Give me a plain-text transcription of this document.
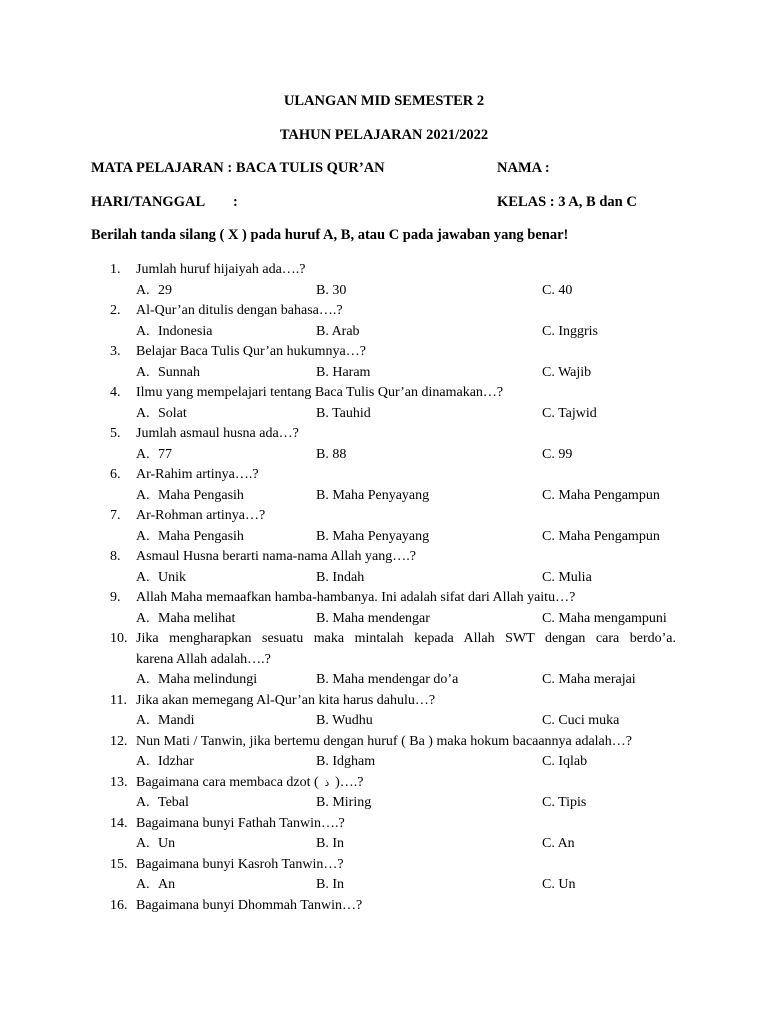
ULANGAN MID SEMESTER 2
TAHUN PELAJARAN 2021/2022
MATA PELAJARAN : BACA TULIS QUR’AN	NAMA :
HARI/TANGGAL :	KELAS : 3 A, B dan C
Berilah tanda silang ( X ) pada huruf A, B, atau C pada jawaban yang benar!
1.	Jumlah huruf hijaiyah ada….?
A. 29	B. 30	C. 40
2.	Al-Qur’an ditulis dengan bahasa….?
A. Indonesia	B. Arab	C. Inggris
3.	Belajar Baca Tulis Qur’an hukumnya…?
A. Sunnah	B. Haram	C. Wajib
4.	Ilmu yang mempelajari tentang Baca Tulis Qur’an dinamakan…?
A. Solat	B. Tauhid	C. Tajwid
5.	Jumlah asmaul husna ada…?
A. 77	B. 88	C. 99
6.	Ar-Rahim artinya….?
A. Maha Pengasih	B. Maha Penyayang	C. Maha Pengampun
7.	Ar-Rohman artinya…?
A. Maha Pengasih	B. Maha Penyayang	C. Maha Pengampun
8.	Asmaul Husna berarti nama-nama Allah yang….?
A. Unik	B. Indah	C. Mulia
9.	Allah Maha memaafkan hamba-hambanya. Ini adalah sifat dari Allah yaitu…?
A. Maha melihat	B. Maha mendengar	C. Maha mengampuni
10. Jika mengharapkan sesuatu maka mintalah kepada Allah SWT dengan cara berdo’a.
karena Allah adalah….?
A. Maha melindungi	B. Maha mendengar do’a	C. Maha merajai
11. Jika akan memegang Al-Qur’an kita harus dahulu…?
A. Mandi	B. Wudhu	C. Cuci muka
12. Nun Mati / Tanwin, jika bertemu dengan huruf ( Ba ) maka hokum bacaannya adalah…?
A. Idzhar	B. Idgham	C. Iqlab
13. Bagaimana cara membaca dzot ( ذ )….?
A. Tebal	B. Miring	C. Tipis
14. Bagaimana bunyi Fathah Tanwin….?
A. Un	B. In	C. An
15. Bagaimana bunyi Kasroh Tanwin…?
A. An	B. In	C. Un
16. Bagaimana bunyi Dhommah Tanwin…?
